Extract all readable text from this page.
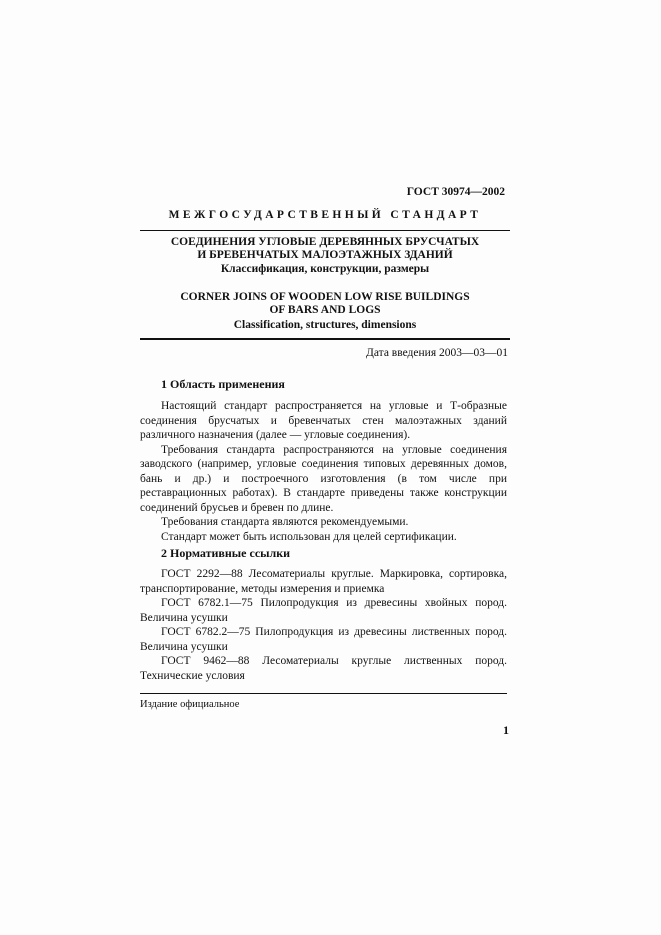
ГОСТ 30974—2002
МЕЖГОСУДАРСТВЕННЫЙ СТАНДАРТ
СОЕДИНЕНИЯ УГЛОВЫЕ ДЕРЕВЯННЫХ БРУСЧАТЫХ
И БРЕВЕНЧАТЫХ МАЛОЭТАЖНЫХ ЗДАНИЙ
Классификация, конструкции, размеры
CORNER JOINS OF WOODEN LOW RISE BUILDINGS
OF BARS AND LOGS
Classification, structures, dimensions
Дата введения 2003—03—01
1 Область применения

Настоящий стандарт распространяется на угловые и Т-образные соединения брусчатых и бревенчатых стен малоэтажных зданий различного назначения (далее — угловые соединения).

Требования стандарта распространяются на угловые соединения заводского (например, угловые соединения типовых деревянных домов, бань и др.) и построечного изготовления (в том числе при реставрационных работах). В стандарте приведены также конструкции соединений брусьев и бревен по длине.

Требования стандарта являются рекомендуемыми.

Стандарт может быть использован для целей сертификации.

2 Нормативные ссылки

ГОСТ 2292—88 Лесоматериалы круглые. Маркировка, сортировка, транспортирование, методы измерения и приемка

ГОСТ 6782.1—75 Пилопродукция из древесины хвойных пород. Величина усушки

ГОСТ 6782.2—75 Пилопродукция из древесины лиственных пород. Величина усушки

ГОСТ 9462—88 Лесоматериалы круглые лиственных пород. Технические условия

Издание официальное
1
